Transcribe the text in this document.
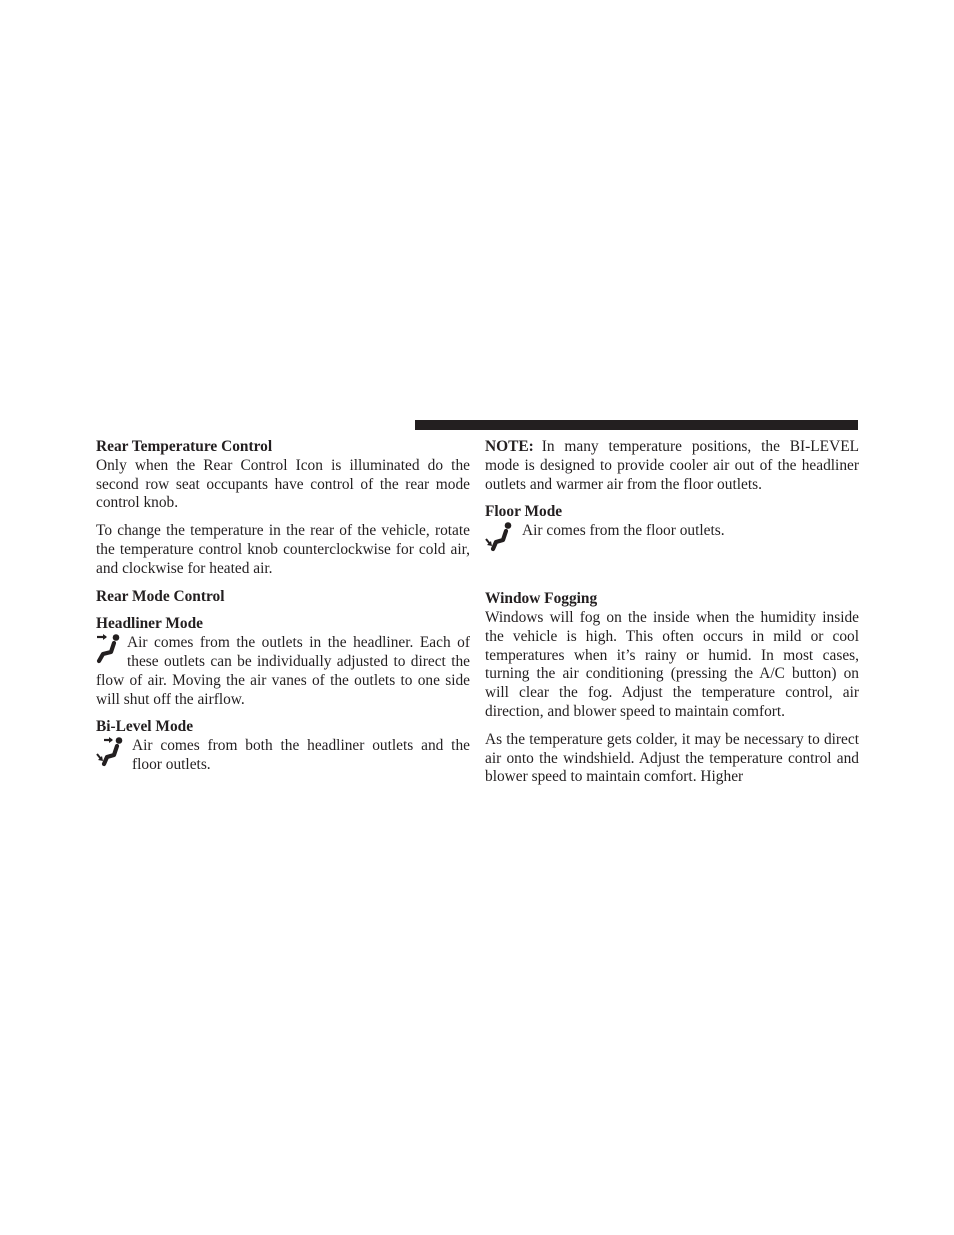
Rear Temperature Control

Only when the Rear Control Icon is illuminated do the second row seat occupants have control of the rear mode control knob.

To change the temperature in the rear of the vehicle, rotate the temperature control knob counterclockwise for cold air, and clockwise for heated air.

Rear Mode Control

Headliner Mode

Air comes from the outlets in the headliner. Each of these outlets can be individually adjusted to direct the flow of air. Moving the air vanes of the outlets to one side will shut off the airflow.

Bi-Level Mode

Air comes from both the headliner outlets and the floor outlets.

NOTE: In many temperature positions, the BI-LEVEL mode is designed to provide cooler air out of the headliner outlets and warmer air from the floor outlets.

Floor Mode

Air comes from the floor outlets.

Window Fogging

Windows will fog on the inside when the humidity inside the vehicle is high. This often occurs in mild or cool temperatures when it’s rainy or humid. In most cases, turning the air conditioning (pressing the A/C button) on will clear the fog. Adjust the temperature control, air direction, and blower speed to maintain comfort.

As the temperature gets colder, it may be necessary to direct air onto the windshield. Adjust the temperature control and blower speed to maintain comfort. Higher
